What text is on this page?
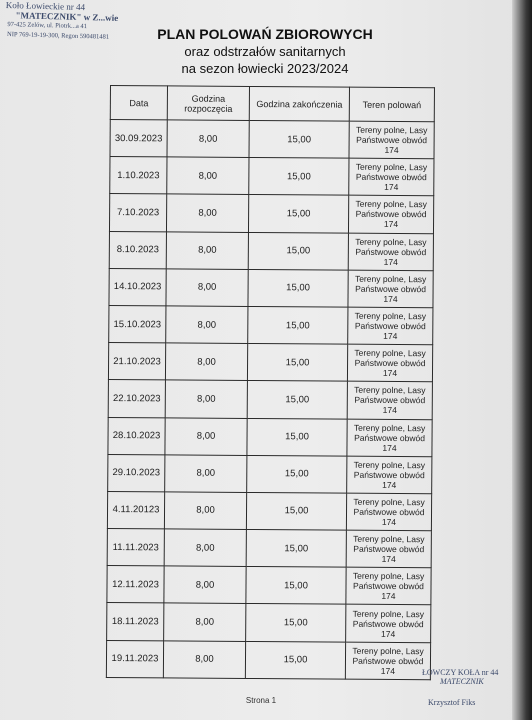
Koło Łowieckie nr 44
"MATECZNIK" w Z...wie
97-425 Zelów, ul. Piotrk...a 41
NIP 769-19-19-300, Regon 590481481	PLAN POLOWAŃ ZBIOROWYCH
oraz odstrzałów sanitarnych
na sezon łowiecki 2023/2024
Data	Godzina rozpoczęcia	Godzina zakończenia	Teren polowań
30.09.2023	8,00	15,00	Tereny polne, Lasy Państwowe obwód 174
1.10.2023	8,00	15,00	Tereny polne, Lasy Państwowe obwód 174
7.10.2023	8,00	15,00	Tereny polne, Lasy Państwowe obwód 174
8.10.2023	8,00	15,00	Tereny polne, Lasy Państwowe obwód 174
14.10.2023	8,00	15,00	Tereny polne, Lasy Państwowe obwód 174
15.10.2023	8,00	15,00	Tereny polne, Lasy Państwowe obwód 174
21.10.2023	8,00	15,00	Tereny polne, Lasy Państwowe obwód 174
22.10.2023	8,00	15,00	Tereny polne, Lasy Państwowe obwód 174
28.10.2023	8,00	15,00	Tereny polne, Lasy Państwowe obwód 174
29.10.2023	8,00	15,00	Tereny polne, Lasy Państwowe obwód 174
4.11.20123	8,00	15,00	Tereny polne, Lasy Państwowe obwód 174
11.11.2023	8,00	15,00	Tereny polne, Lasy Państwowe obwód 174
12.11.2023	8,00	15,00	Tereny polne, Lasy Państwowe obwód 174
18.11.2023	8,00	15,00	Tereny polne, Lasy Państwowe obwód 174
19.11.2023	8,00	15,00	Tereny polne, Lasy Państwowe obwód 174
Strona 1
ŁOWCZY KOŁA nr 44
MATECZNIK
Krzysztof Fiks
